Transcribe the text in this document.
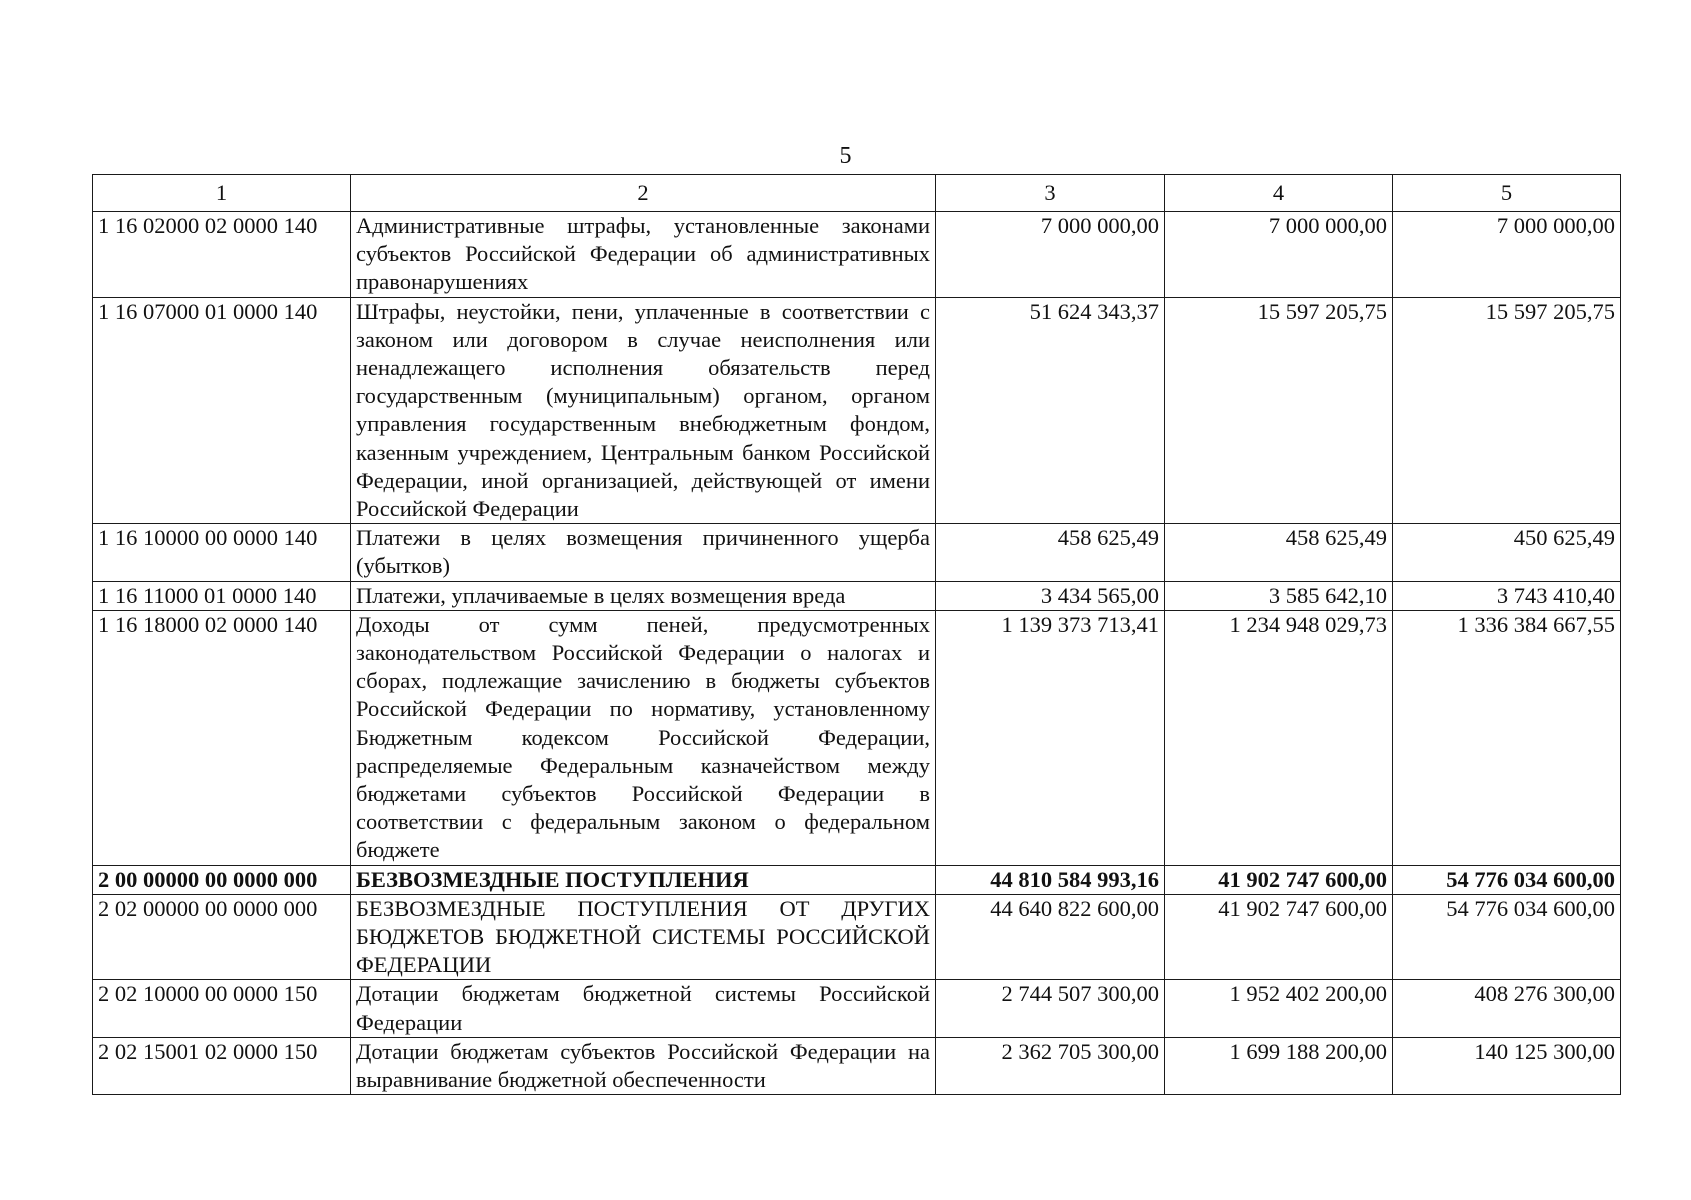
5
1	2	3	4	5
1 16 02000 02 0000 140	Административные штрафы, установленные законами субъектов Российской Федерации об административных правонарушениях	7 000 000,00	7 000 000,00	7 000 000,00
1 16 07000 01 0000 140	Штрафы, неустойки, пени, уплаченные в соответствии с законом или договором в случае неисполнения или ненадлежащего исполнения обязательств перед государственным (муниципальным) органом, органом управления государственным внебюджетным фондом, казенным учреждением, Центральным банком Российской Федерации, иной организацией, действующей от имени Российской Федерации	51 624 343,37	15 597 205,75	15 597 205,75
1 16 10000 00 0000 140	Платежи в целях возмещения причиненного ущерба (убытков)	458 625,49	458 625,49	450 625,49
1 16 11000 01 0000 140	Платежи, уплачиваемые в целях возмещения вреда	3 434 565,00	3 585 642,10	3 743 410,40
1 16 18000 02 0000 140	Доходы от сумм пеней, предусмотренных законодательством Российской Федерации о налогах и сборах, подлежащие зачислению в бюджеты субъектов Российской Федерации по нормативу, установленному Бюджетным кодексом Российской Федерации, распределяемые Федеральным казначейством между бюджетами субъектов Российской Федерации в соответствии с федеральным законом о федеральном бюджете	1 139 373 713,41	1 234 948 029,73	1 336 384 667,55
2 00 00000 00 0000 000	БЕЗВОЗМЕЗДНЫЕ ПОСТУПЛЕНИЯ	44 810 584 993,16	41 902 747 600,00	54 776 034 600,00
2 02 00000 00 0000 000	БЕЗВОЗМЕЗДНЫЕ ПОСТУПЛЕНИЯ ОТ ДРУГИХ БЮДЖЕТОВ БЮДЖЕТНОЙ СИСТЕМЫ РОССИЙСКОЙ ФЕДЕРАЦИИ	44 640 822 600,00	41 902 747 600,00	54 776 034 600,00
2 02 10000 00 0000 150	Дотации бюджетам бюджетной системы Российской Федерации	2 744 507 300,00	1 952 402 200,00	408 276 300,00
2 02 15001 02 0000 150	Дотации бюджетам субъектов Российской Федерации на выравнивание бюджетной обеспеченности	2 362 705 300,00	1 699 188 200,00	140 125 300,00
